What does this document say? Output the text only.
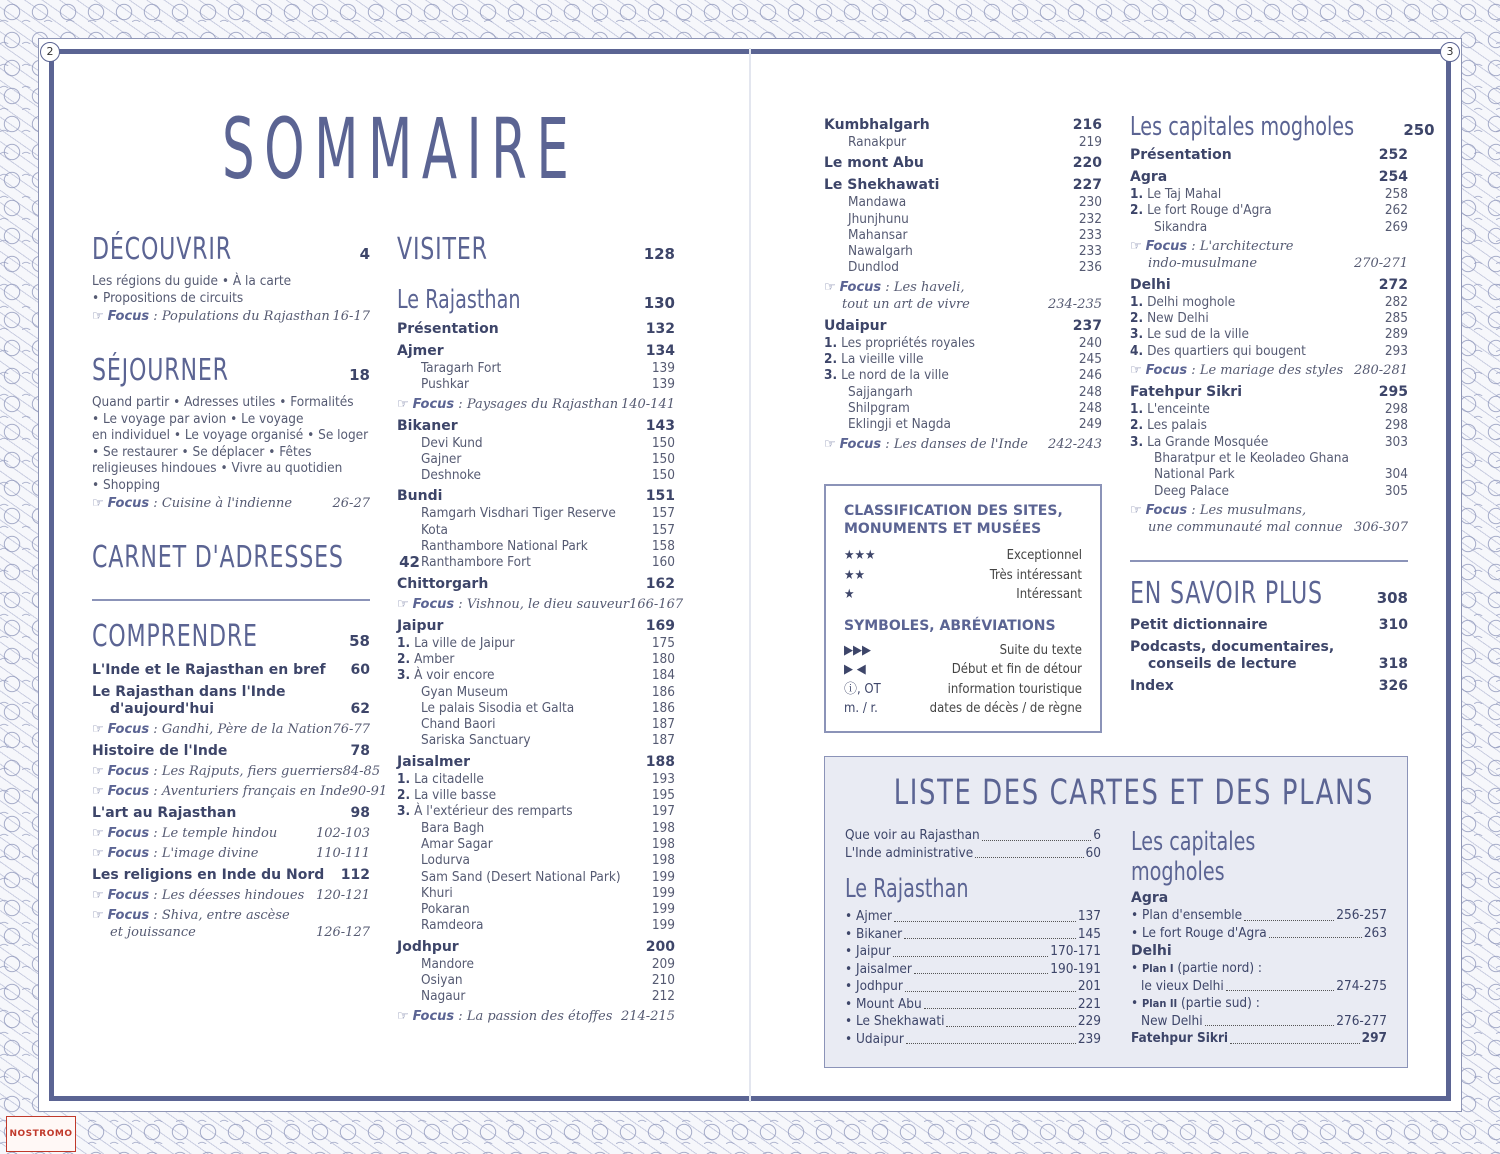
2	3
SOMMAIRE
DÉCOUVRIR	4
Les régions du guide • À la carte
• Propositions de circuits
☞ Focus : Populations du Rajasthan 16-17
SÉJOURNER	18
Quand partir • Adresses utiles • Formalités
• Le voyage par avion • Le voyage
en individuel • Le voyage organisé • Se loger
• Se restaurer • Se déplacer • Fêtes
religieuses hindoues • Vivre au quotidien
• Shopping
☞ Focus : Cuisine à l'indienne	26-27
CARNET D'ADRESSES	42
COMPRENDRE	58
L'Inde et le Rajasthan en bref 60
Le Rajasthan dans l'Inde
d'aujourd'hui	62
☞ Focus : Gandhi, Père de la Nation 76-77
Histoire de l'Inde	78
☞ Focus : Les Rajputs, fiers guerriers 84-85
☞ Focus : Aventuriers français en Inde 90-91
L'art au Rajasthan	98
☞ Focus : Le temple hindou	102-103
☞ Focus : L'image divine	110-111
Les religions en Inde du Nord 112
☞ Focus : Les déesses hindoues 120-121
☞ Focus : Shiva, entre ascèse
et jouissance	126-127
VISITER	128
Le Rajasthan	130
Présentation	132
Ajmer	134
Taragarh Fort	139
Pushkar	139
☞ Focus : Paysages du Rajasthan 140-141
Bikaner	143
Devi Kund	150
Gajner	150
Deshnoke	150
Bundi	151
Ramgarh Visdhari Tiger Reserve	157
Kota	157
Ranthambore National Park	158
Ranthambore Fort	160
Chittorgarh	162
☞ Focus : Vishnou, le dieu sauveur 166-167
Jaipur	169
1. La ville de Jaipur	175
2. Amber	180
3. À voir encore	184
Gyan Museum	186
Le palais Sisodia et Galta	186
Chand Baori	187
Sariska Sanctuary	187
Jaisalmer	188
1. La citadelle	193
2. La ville basse	195
3. À l'extérieur des remparts	197
Bara Bagh	198
Amar Sagar	198
Lodurva	198
Sam Sand (Desert National Park) 199
Khuri	199
Pokaran	199
Ramdeora	199
Jodhpur	200
Mandore	209
Osiyan	210
Nagaur	212
☞ Focus : La passion des étoffes 214-215
Kumbhalgarh	216
Ranakpur	219
Le mont Abu	220
Le Shekhawati	227
Mandawa	230
Jhunjhunu	232
Mahansar	233
Nawalgarh	233
Dundlod	236
☞ Focus : Les haveli,
tout un art de vivre	234-235
Udaipur	237
1. Les propriétés royales	240
2. La vieille ville	245
3. Le nord de la ville	246
Sajjangarh	248
Shilpgram	248
Eklingji et Nagda	249
☞ Focus : Les danses de l'Inde 242-243
CLASSIFICATION DES SITES,
MONUMENTS ET MUSÉES
★★★	Exceptionnel
★★	Très intéressant
★	Intéressant
SYMBOLES, ABRÉVIATIONS
▶▶▶	Suite du texte
▶ ◀	Début et fin de détour
ⓘ, OT	information touristique
m. / r.	dates de décès / de règne
Les capitales mogholes	250
Présentation	252
Agra	254
1. Le Taj Mahal	258
2. Le fort Rouge d'Agra	262
Sikandra	269
☞ Focus : L'architecture
indo-musulmane	270-271
Delhi	272
1. Delhi moghole	282
2. New Delhi	285
3. Le sud de la ville	289
4. Des quartiers qui bougent	293
☞ Focus : Le mariage des styles 280-281
Fatehpur Sikri	295
1. L'enceinte	298
2. Les palais	298
3. La Grande Mosquée	303
Bharatpur et le Keoladeo Ghana
National Park	304
Deeg Palace	305
☞ Focus : Les musulmans,
une communauté mal connue 306-307
EN SAVOIR PLUS	308
Petit dictionnaire	310
Podcasts, documentaires,
conseils de lecture	318
Index	326
LISTE DES CARTES ET DES PLANS
Que voir au Rajasthan	6
L'Inde administrative	60
Le Rajasthan
• Ajmer	137
• Bikaner	145
• Jaipur	170-171
• Jaisalmer	190-191
• Jodhpur	201
• Mount Abu	221
• Le Shekhawati	229
• Udaipur	239
Les capitales mogholes
Agra
• Plan d'ensemble	256-257
• Le fort Rouge d'Agra	263
Delhi
• Plan I (partie nord) :
le vieux Delhi	274-275
• Plan II (partie sud) :
New Delhi	276-277
Fatehpur Sikri	297
NOSTROMO
